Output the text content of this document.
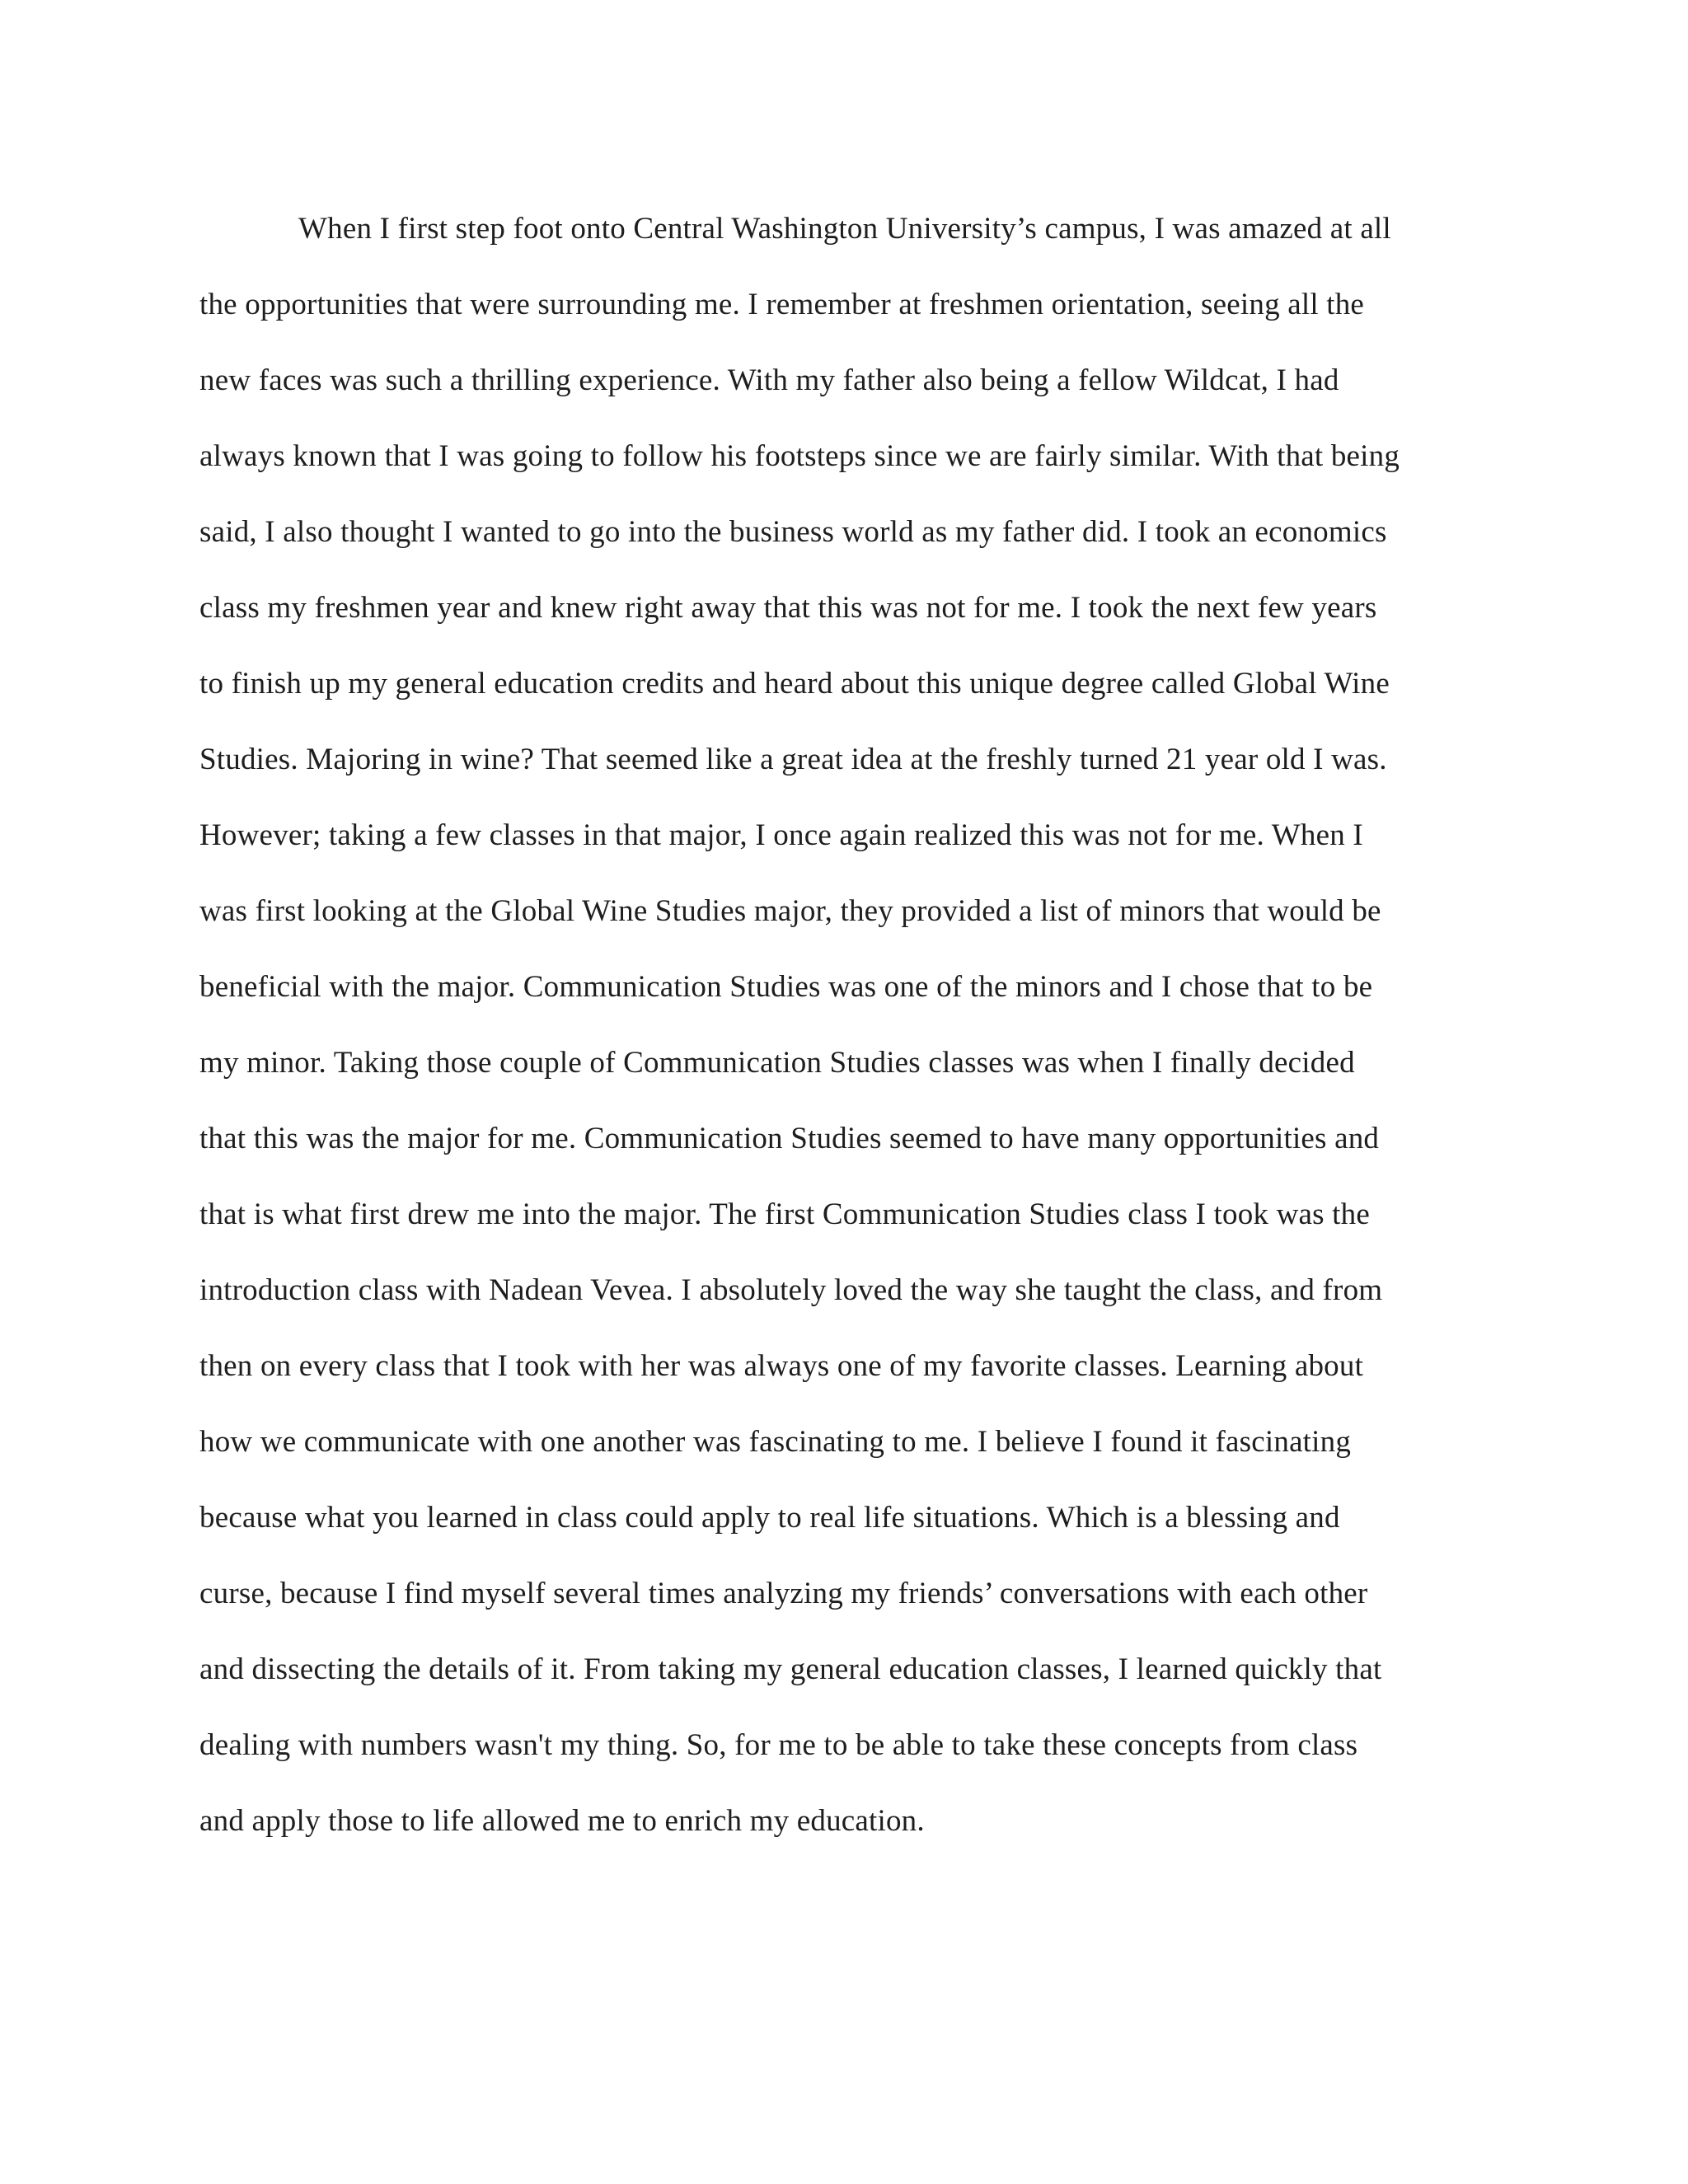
When I first step foot onto Central Washington University’s campus, I was amazed at all
the opportunities that were surrounding me. I remember at freshmen orientation, seeing all the
new faces was such a thrilling experience. With my father also being a fellow Wildcat, I had
always known that I was going to follow his footsteps since we are fairly similar. With that being
said, I also thought I wanted to go into the business world as my father did. I took an economics
class my freshmen year and knew right away that this was not for me. I took the next few years
to finish up my general education credits and heard about this unique degree called Global Wine
Studies. Majoring in wine? That seemed like a great idea at the freshly turned 21 year old I was.
However; taking a few classes in that major, I once again realized this was not for me. When I
was first looking at the Global Wine Studies major, they provided a list of minors that would be
beneficial with the major. Communication Studies was one of the minors and I chose that to be
my minor. Taking those couple of Communication Studies classes was when I finally decided
that this was the major for me. Communication Studies seemed to have many opportunities and
that is what first drew me into the major. The first Communication Studies class I took was the
introduction class with Nadean Vevea. I absolutely loved the way she taught the class, and from
then on every class that I took with her was always one of my favorite classes. Learning about
how we communicate with one another was fascinating to me. I believe I found it fascinating
because what you learned in class could apply to real life situations. Which is a blessing and
curse, because I find myself several times analyzing my friends’ conversations with each other
and dissecting the details of it. From taking my general education classes, I learned quickly that
dealing with numbers wasn't my thing. So, for me to be able to take these concepts from class
and apply those to life allowed me to enrich my education.
